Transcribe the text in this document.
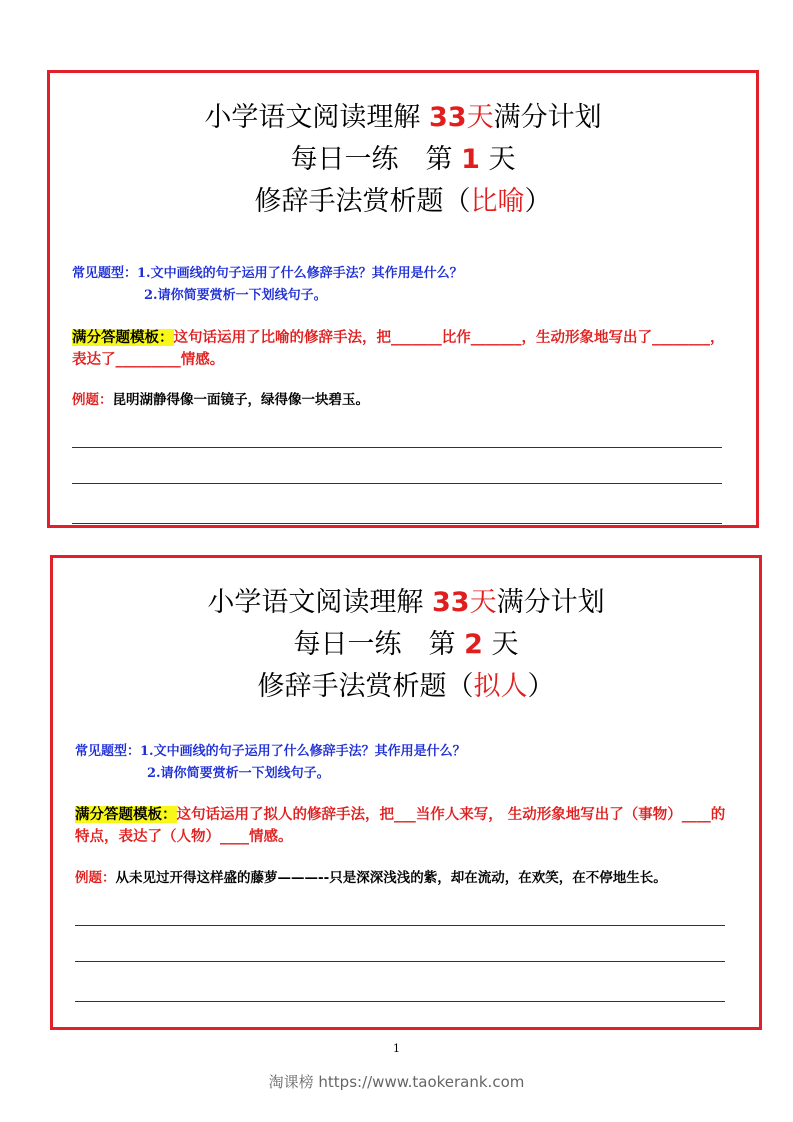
小学语文阅读理解 33天满分计划
每日一练　第 1 天
修辞手法赏析题（比喻）
常见题型：1.文中画线的句子运用了什么修辞手法？其作用是什么？
2.请你简要赏析一下划线句子。
满分答题模板：这句话运用了比喻的修辞手法，把_______比作_______，生动形象地写出了________，表达了_________情感。
例题：昆明湖静得像一面镜子，绿得像一块碧玉。
小学语文阅读理解 33天满分计划
每日一练　第 2 天
修辞手法赏析题（拟人）
常见题型：1.文中画线的句子运用了什么修辞手法？其作用是什么？
2.请你简要赏析一下划线句子。
满分答题模板：这句话运用了拟人的修辞手法，把___当作人来写， 生动形象地写出了（事物）____的特点，表达了（人物）____情感。
例题：从未见过开得这样盛的藤萝———--只是深深浅浅的紫，却在流动，在欢笑，在不停地生长。
1
淘课榜 https://www.taokerank.com
